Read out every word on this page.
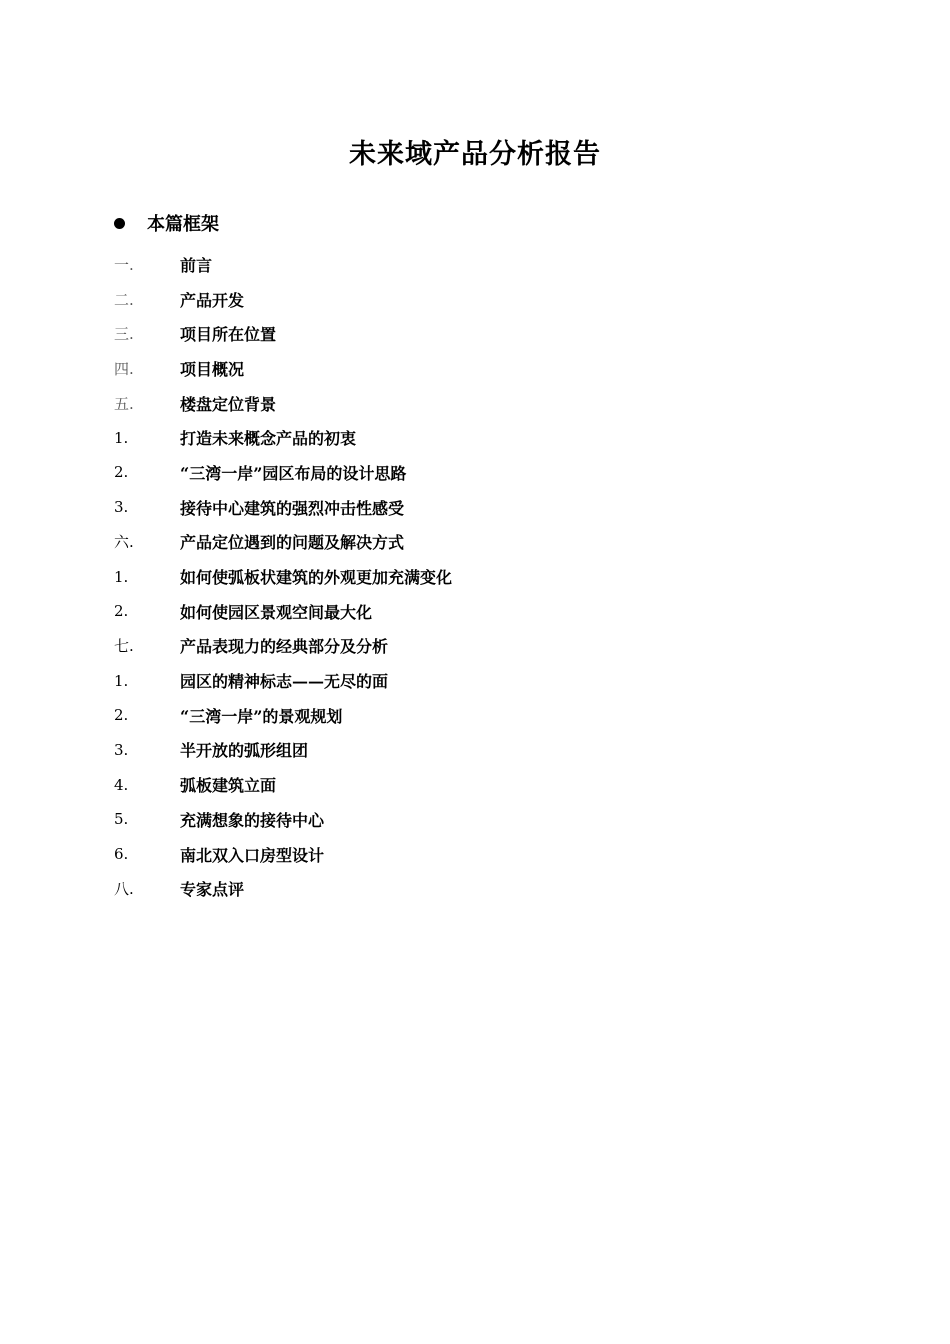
未来域产品分析报告
本篇框架
一.	前言
二.	产品开发
三.	项目所在位置
四.	项目概况
五.	楼盘定位背景
1.	打造未来概念产品的初衷
2.	“三湾一岸”园区布局的设计思路
3.	接待中心建筑的强烈冲击性感受
六.	产品定位遇到的问题及解决方式
1.	如何使弧板状建筑的外观更加充满变化
2.	如何使园区景观空间最大化
七.	产品表现力的经典部分及分析
1.	园区的精神标志——无尽的面
2.	“三湾一岸”的景观规划
3.	半开放的弧形组团
4.	弧板建筑立面
5.	充满想象的接待中心
6.	南北双入口房型设计
八.	专家点评
